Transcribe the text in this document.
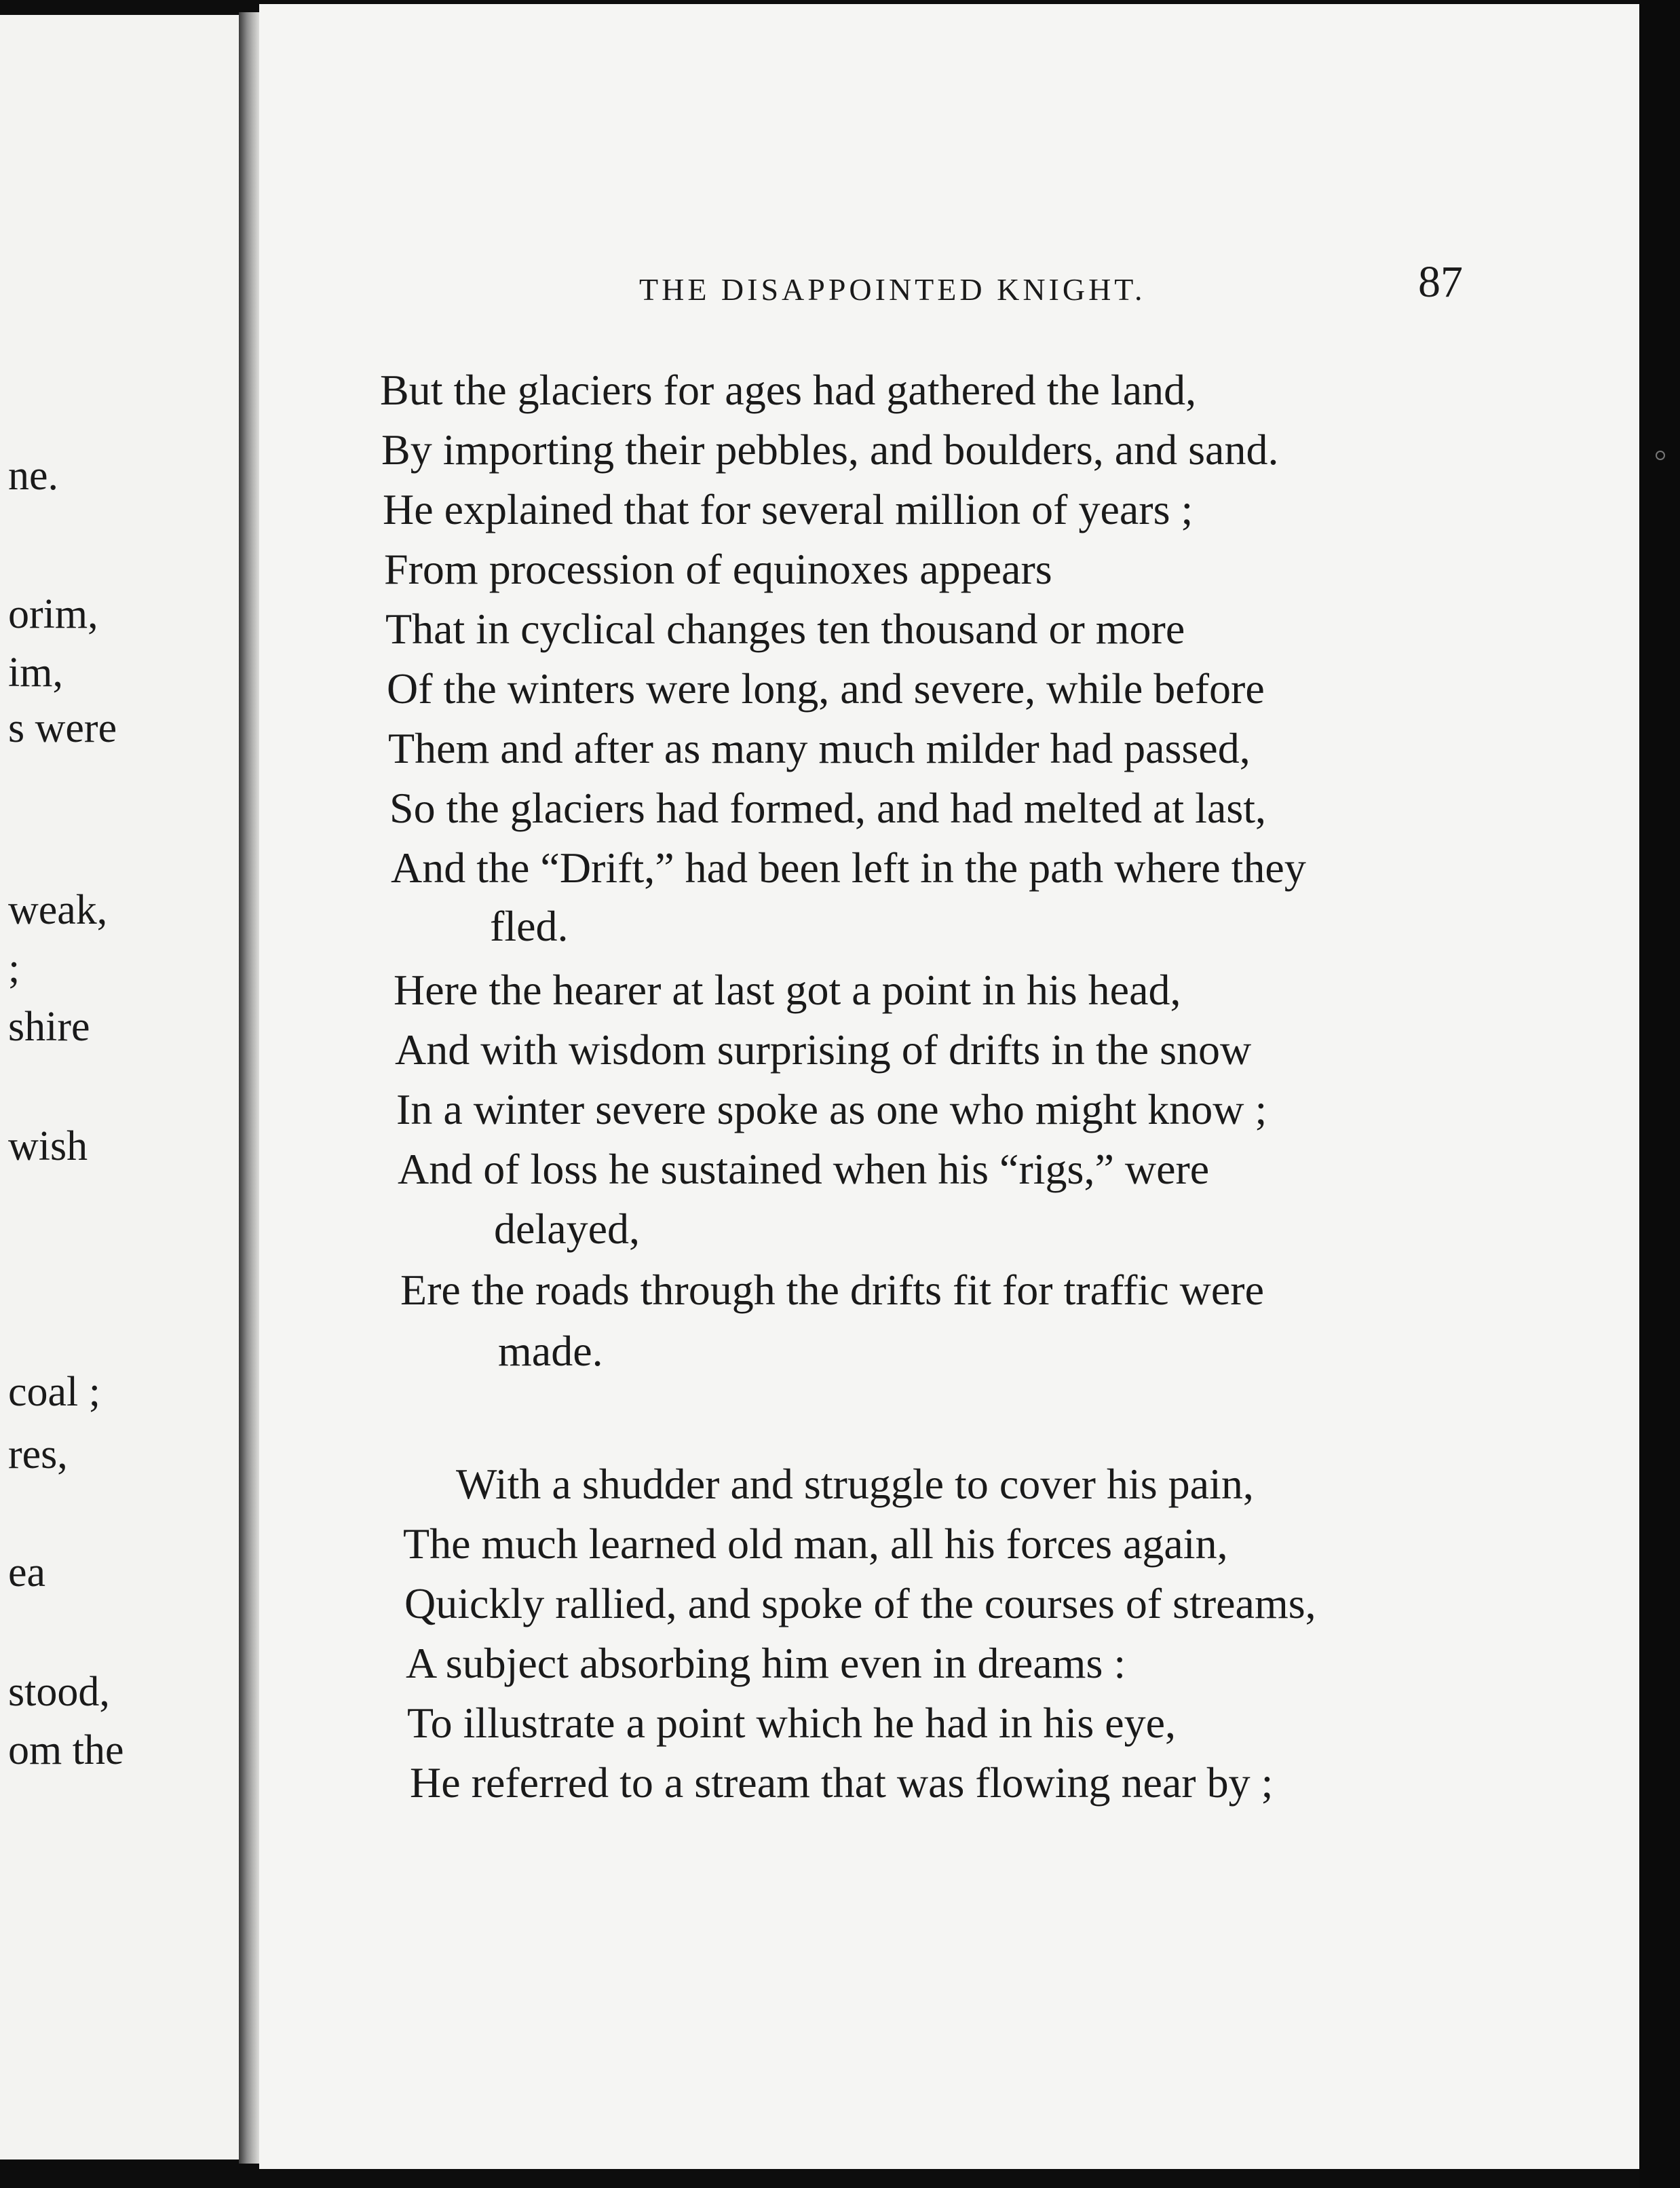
ne.
orim,
im,
s were
weak,
;
shire
wish
coal ;
res,
ea
stood,
om the
THE DISAPPOINTED KNIGHT.	87
But the glaciers for ages had gathered the land,
By importing their pebbles, and boulders, and sand.
He explained that for several million of years ;
From procession of equinoxes appears
That in cyclical changes ten thousand or more
Of the winters were long, and severe, while before
Them and after as many much milder had passed,
So the glaciers had formed, and had melted at last,
And the “Drift,” had been left in the path where they
fled.
Here the hearer at last got a point in his head,
And with wisdom surprising of drifts in the snow
In a winter severe spoke as one who might know ;
And of loss he sustained when his “rigs,” were
delayed,
Ere the roads through the drifts fit for traffic were
made.
With a shudder and struggle to cover his pain,
The much learned old man, all his forces again,
Quickly rallied, and spoke of the courses of streams,
A subject absorbing him even in dreams :
To illustrate a point which he had in his eye,
He referred to a stream that was flowing near by ;
